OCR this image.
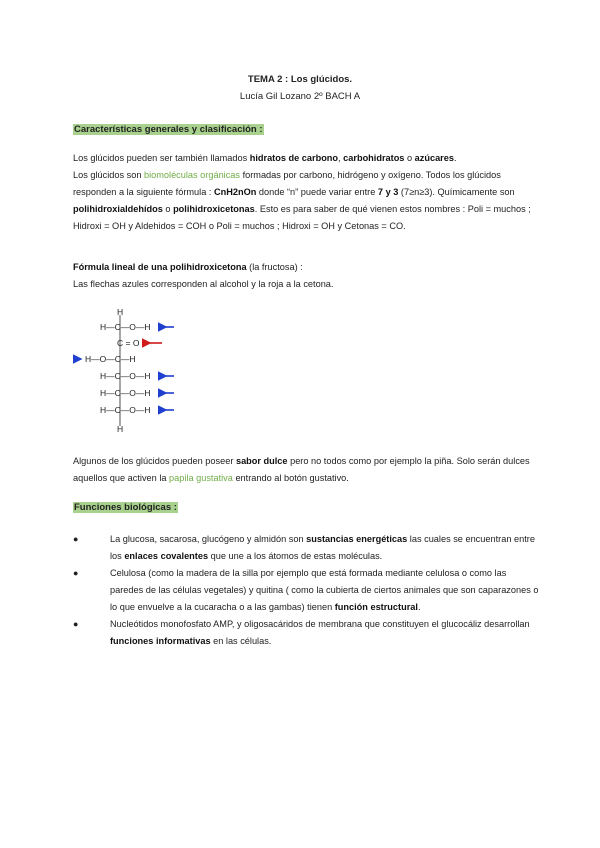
TEMA 2 : Los glúcidos.
Lucía Gil Lozano 2º BACH A
Características generales y clasificación :

Los glúcidos pueden ser también llamados hidratos de carbono, carbohidratos o azúcares.

Los glúcidos son biomoléculas orgánicas formadas por carbono, hidrógeno y oxígeno. Todos los glúcidos responden a la siguiente fórmula : CnH2nOn donde “n” puede variar entre 7 y 3 (7≥n≥3). Químicamente son polihidroxialdehídos o polihidroxicetonas. Esto es para saber de qué vienen estos nombres : Poli = muchos ; Hidroxi = OH y Aldehidos = COH o Poli = muchos ; Hidroxi = OH y Cetonas = CO.

Fórmula lineal de una polihidroxicetona (la fructosa) :

Las flechas azules corresponden al alcohol y la roja a la cetona.

H
H—C—O—H
C = O
H—O—C—H
H—C—O—H
H—C—O—H
H—C—O—H
H

Algunos de los glúcidos pueden poseer sabor dulce pero no todos como por ejemplo la piña. Solo serán dulces aquellos que activen la papila gustativa entrando al botón gustativo.

Funciones biológicas :
●	La glucosa, sacarosa, glucógeno y almidón son sustancias energéticas las cuales se encuentran entre los enlaces covalentes que une a los átomos de estas moléculas.
●	Celulosa (como la madera de la silla por ejemplo que está formada mediante celulosa o como las paredes de las células vegetales) y quitina ( como la cubierta de ciertos animales que son caparazones o lo que envuelve a la cucaracha o a las gambas) tienen función estructural.
●	Nucleótidos monofosfato AMP, y oligosacáridos de membrana que constituyen el glucocáliz desarrollan funciones informativas en las células.
